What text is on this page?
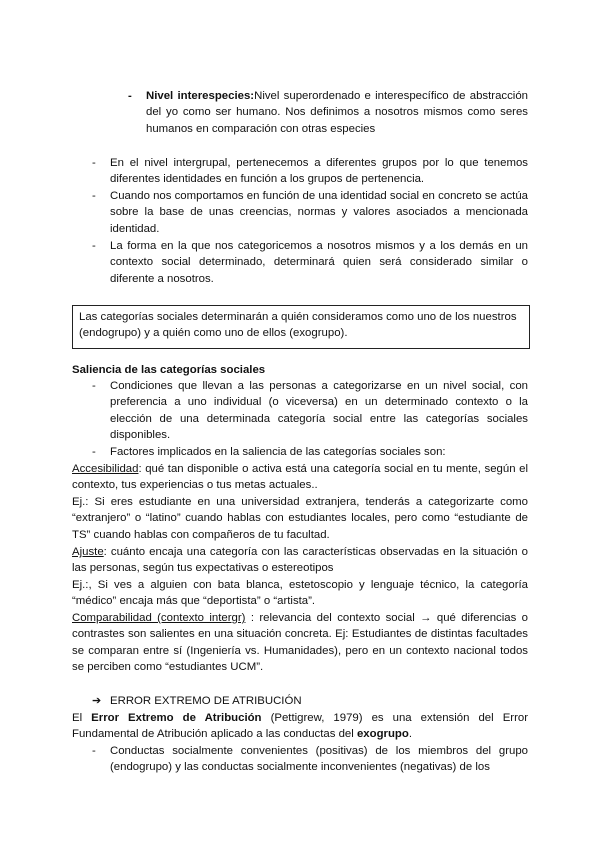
- Nivel interespecies:Nivel superordenado e interespecífico de abstracción del yo como ser humano. Nos definimos a nosotros mismos como seres humanos en comparación con otras especies

- En el nivel intergrupal, pertenecemos a diferentes grupos por lo que tenemos diferentes identidades en función a los grupos de pertenencia.

- Cuando nos comportamos en función de una identidad social en concreto se actúa sobre la base de unas creencias, normas y valores asociados a mencionada identidad.

- La forma en la que nos categoricemos a nosotros mismos y a los demás en un contexto social determinado, determinará quien será considerado similar o diferente a nosotros.

Las categorías sociales determinarán a quién consideramos como uno de los nuestros (endogrupo) y a quién como uno de ellos (exogrupo).

Saliencia de las categorías sociales

- Condiciones que llevan a las personas a categorizarse en un nivel social, con preferencia a uno individual (o viceversa) en un determinado contexto o la elección de una determinada categoría social entre las categorías sociales disponibles.

- Factores implicados en la saliencia de las categorías sociales son:

Accesibilidad: qué tan disponible o activa está una categoría social en tu mente, según el contexto, tus experiencias o tus metas actuales..

Ej.: Si eres estudiante en una universidad extranjera, tenderás a categorizarte como “extranjero” o “latino” cuando hablas con estudiantes locales, pero como “estudiante de TS” cuando hablas con compañeros de tu facultad.

Ajuste: cuánto encaja una categoría con las características observadas en la situación o las personas, según tus expectativas o estereotipos

Ej.:, Si ves a alguien con bata blanca, estetoscopio y lenguaje técnico, la categoría “médico” encaja más que “deportista” o “artista”.

Comparabilidad (contexto intergr) : relevancia del contexto social → qué diferencias o contrastes son salientes en una situación concreta. Ej: Estudiantes de distintas facultades se comparan entre sí (Ingeniería vs. Humanidades), pero en un contexto nacional todos se perciben como “estudiantes UCM”.

➔ ERROR EXTREMO DE ATRIBUCIÓN

El Error Extremo de Atribución (Pettigrew, 1979) es una extensión del Error Fundamental de Atribución aplicado a las conductas del exogrupo.

- Conductas socialmente convenientes (positivas) de los miembros del grupo (endogrupo) y las conductas socialmente inconvenientes (negativas) de los
